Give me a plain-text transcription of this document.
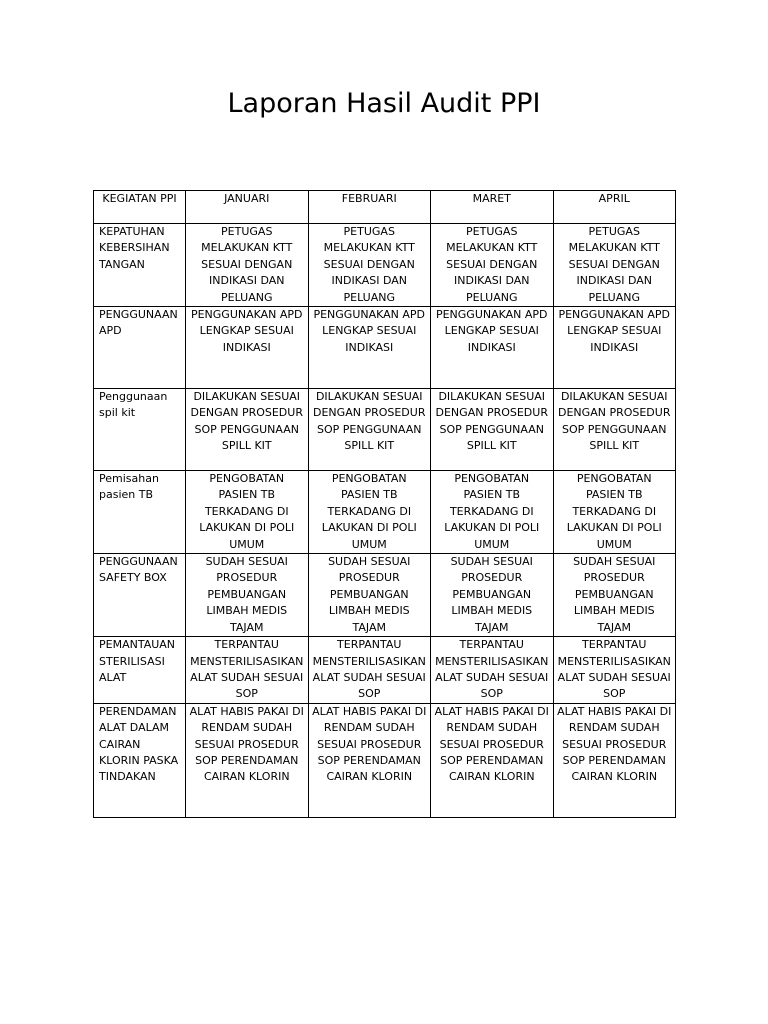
Laporan Hasil Audit PPI
KEGIATAN PPI	JANUARI	FEBRUARI	MARET	APRIL
KEPATUHAN KEBERSIHAN TANGAN	PETUGAS MELAKUKAN KTT SESUAI DENGAN INDIKASI DAN PELUANG	PETUGAS MELAKUKAN KTT SESUAI DENGAN INDIKASI DAN PELUANG	PETUGAS MELAKUKAN KTT SESUAI DENGAN INDIKASI DAN PELUANG	PETUGAS MELAKUKAN KTT SESUAI DENGAN INDIKASI DAN PELUANG
PENGGUNAAN APD	PENGGUNAKAN APD LENGKAP SESUAI INDIKASI	PENGGUNAKAN APD LENGKAP SESUAI INDIKASI	PENGGUNAKAN APD LENGKAP SESUAI INDIKASI	PENGGUNAKAN APD LENGKAP SESUAI INDIKASI
Penggunaan spil kit	DILAKUKAN SESUAI DENGAN PROSEDUR SOP PENGGUNAAN SPILL KIT	DILAKUKAN SESUAI DENGAN PROSEDUR SOP PENGGUNAAN SPILL KIT	DILAKUKAN SESUAI DENGAN PROSEDUR SOP PENGGUNAAN SPILL KIT	DILAKUKAN SESUAI DENGAN PROSEDUR SOP PENGGUNAAN SPILL KIT
Pemisahan pasien TB	PENGOBATAN PASIEN TB TERKADANG DI LAKUKAN DI POLI UMUM	PENGOBATAN PASIEN TB TERKADANG DI LAKUKAN DI POLI UMUM	PENGOBATAN PASIEN TB TERKADANG DI LAKUKAN DI POLI UMUM	PENGOBATAN PASIEN TB TERKADANG DI LAKUKAN DI POLI UMUM
PENGGUNAAN SAFETY BOX	SUDAH SESUAI PROSEDUR PEMBUANGAN LIMBAH MEDIS TAJAM	SUDAH SESUAI PROSEDUR PEMBUANGAN LIMBAH MEDIS TAJAM	SUDAH SESUAI PROSEDUR PEMBUANGAN LIMBAH MEDIS TAJAM	SUDAH SESUAI PROSEDUR PEMBUANGAN LIMBAH MEDIS TAJAM
PEMANTAUAN STERILISASI ALAT	TERPANTAU MENSTERILISASIKAN ALAT SUDAH SESUAI SOP	TERPANTAU MENSTERILISASIKAN ALAT SUDAH SESUAI SOP	TERPANTAU MENSTERILISASIKAN ALAT SUDAH SESUAI SOP	TERPANTAU MENSTERILISASIKAN ALAT SUDAH SESUAI SOP
PERENDAMAN ALAT DALAM CAIRAN KLORIN PASKA TINDAKAN	ALAT HABIS PAKAI DI RENDAM SUDAH SESUAI PROSEDUR SOP PERENDAMAN CAIRAN KLORIN	ALAT HABIS PAKAI DI RENDAM SUDAH SESUAI PROSEDUR SOP PERENDAMAN CAIRAN KLORIN	ALAT HABIS PAKAI DI RENDAM SUDAH SESUAI PROSEDUR SOP PERENDAMAN CAIRAN KLORIN	ALAT HABIS PAKAI DI RENDAM SUDAH SESUAI PROSEDUR SOP PERENDAMAN CAIRAN KLORIN
